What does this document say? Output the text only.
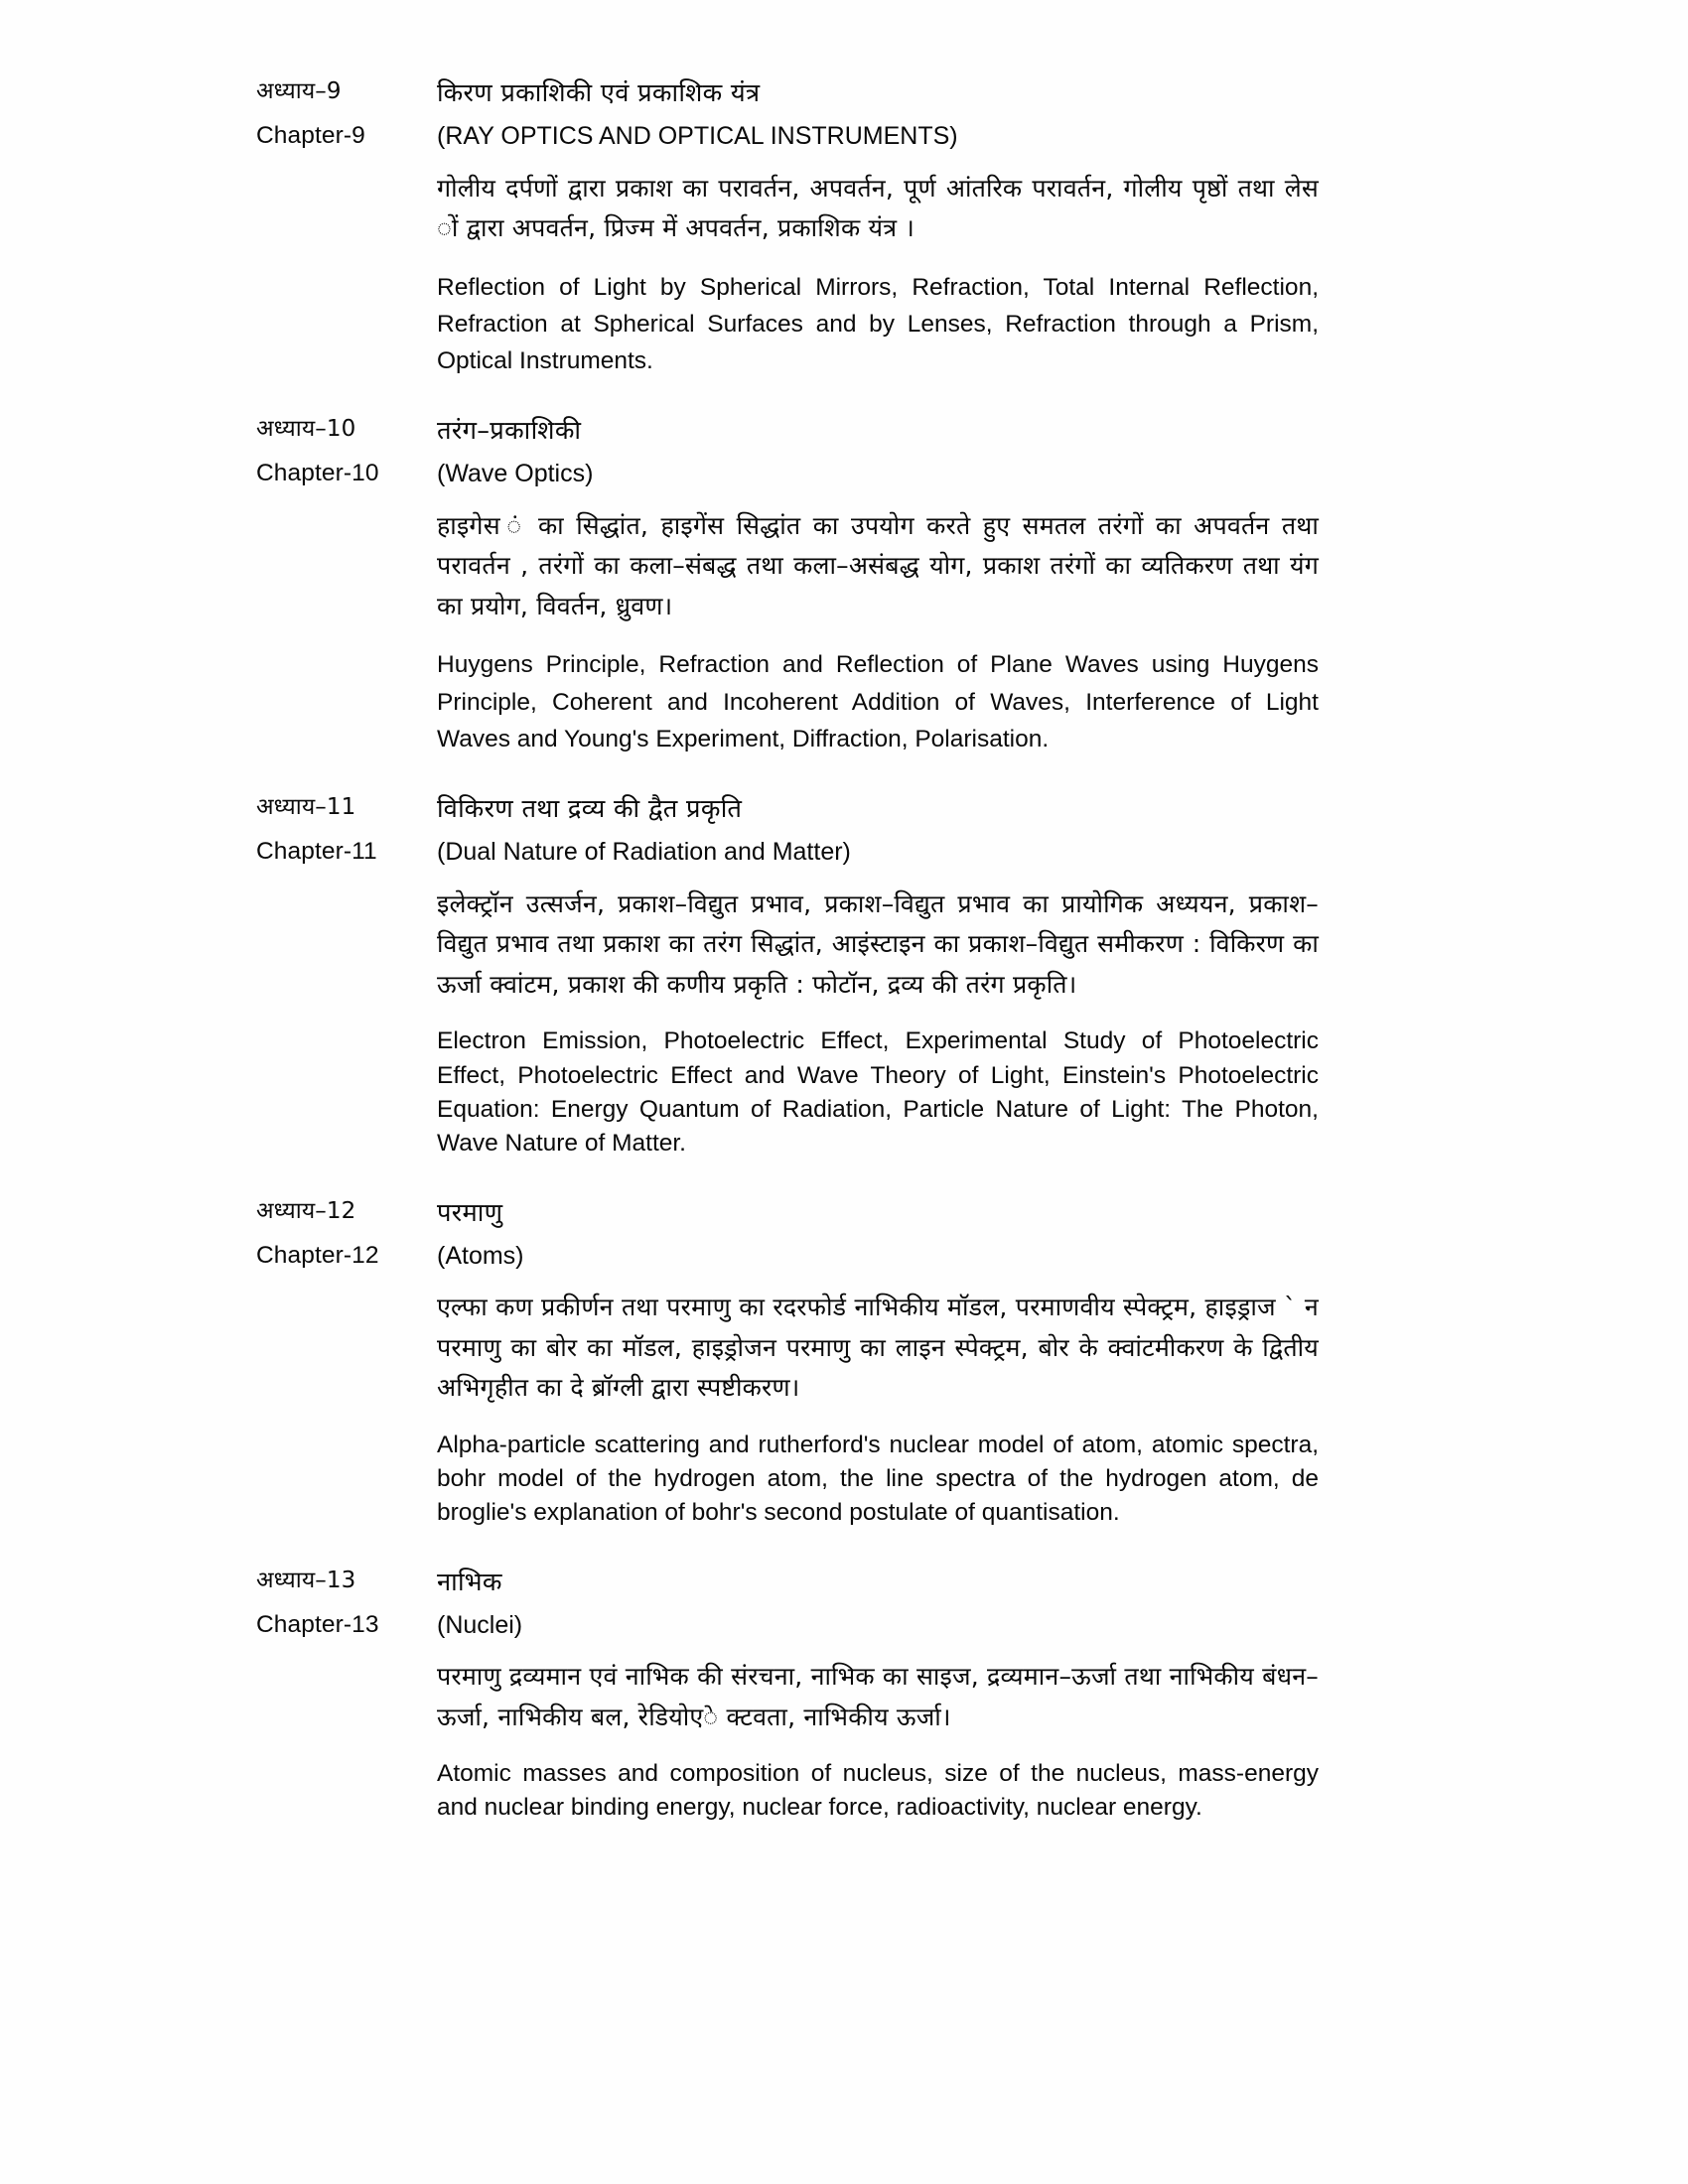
अध्याय–9	किरण प्रकाशिकी एवं प्रकाशिक यंत्र
Chapter-9	(RAY OPTICS AND OPTICAL INSTRUMENTS)
गोलीय दर्पणों द्वारा प्रकाश का परावर्तन, अपवर्तन, पूर्ण आंतरिक परावर्तन, गोलीय पृष्ठों तथा लेस ों द्वारा अपवर्तन, प्रिज्म में अपवर्तन, प्रकाशिक यंत्र ।
Reflection of Light by Spherical Mirrors, Refraction, Total Internal Reflection, Refraction at Spherical Surfaces and by Lenses, Refraction through a Prism, Optical Instruments.
अध्याय–10	तरंग–प्रकाशिकी
Chapter-10	(Wave Optics)
हाइगेस ं का सिद्धांत, हाइगेंस सिद्धांत का उपयोग करते हुए समतल तरंगों का अपवर्तन तथा परावर्तन , तरंगों का कला–संबद्ध तथा कला–असंबद्ध योग, प्रकाश तरंगों का व्यतिकरण तथा यंग का प्रयोग, विवर्तन, ध्रुवण।
Huygens Principle, Refraction and Reflection of Plane Waves using Huygens Principle, Coherent and Incoherent Addition of Waves, Interference of Light Waves and Young's Experiment, Diffraction, Polarisation.
अध्याय–11	विकिरण तथा द्रव्य की द्वैत प्रकृति
Chapter-11	(Dual Nature of Radiation and Matter)
इलेक्ट्रॉन उत्सर्जन, प्रकाश–विद्युत प्रभाव, प्रकाश–विद्युत प्रभाव का प्रायोगिक अध्ययन, प्रकाश–विद्युत प्रभाव तथा प्रकाश का तरंग सिद्धांत, आइंस्टाइन का प्रकाश–विद्युत समीकरण : विकिरण का ऊर्जा क्वांटम, प्रकाश की कणीय प्रकृति : फोटॉन, द्रव्य की तरंग प्रकृति।
Electron Emission, Photoelectric Effect, Experimental Study of Photoelectric Effect, Photoelectric Effect and Wave Theory of Light, Einstein's Photoelectric Equation: Energy Quantum of Radiation, Particle Nature of Light: The Photon, Wave Nature of Matter.
अध्याय–12	परमाणु
Chapter-12	(Atoms)
एल्फा कण प्रकीर्णन तथा परमाणु का रदरफोर्ड नाभिकीय मॉडल, परमाणवीय स्पेक्ट्रम, हाइड्राज ` न परमाणु का बोर का मॉडल, हाइड्रोजन परमाणु का लाइन स्पेक्ट्रम, बोर के क्वांटमीकरण के द्वितीय अभिगृहीत का दे ब्रॉग्ली द्वारा स्पष्टीकरण।
Alpha-particle scattering and rutherford's nuclear model of atom, atomic spectra, bohr model of the hydrogen atom, the line spectra of the hydrogen atom, de broglie's explanation of bohr's second postulate of quantisation.
अध्याय–13	नाभिक
Chapter-13	(Nuclei)
परमाणु द्रव्यमान एवं नाभिक की संरचना, नाभिक का साइज, द्रव्यमान–ऊर्जा तथा नाभिकीय बंधन–ऊर्जा, नाभिकीय बल, रेडियोएे क्टवता, नाभिकीय ऊर्जा।
Atomic masses and composition of nucleus, size of the nucleus, mass-energy and nuclear binding energy, nuclear force, radioactivity, nuclear energy.
